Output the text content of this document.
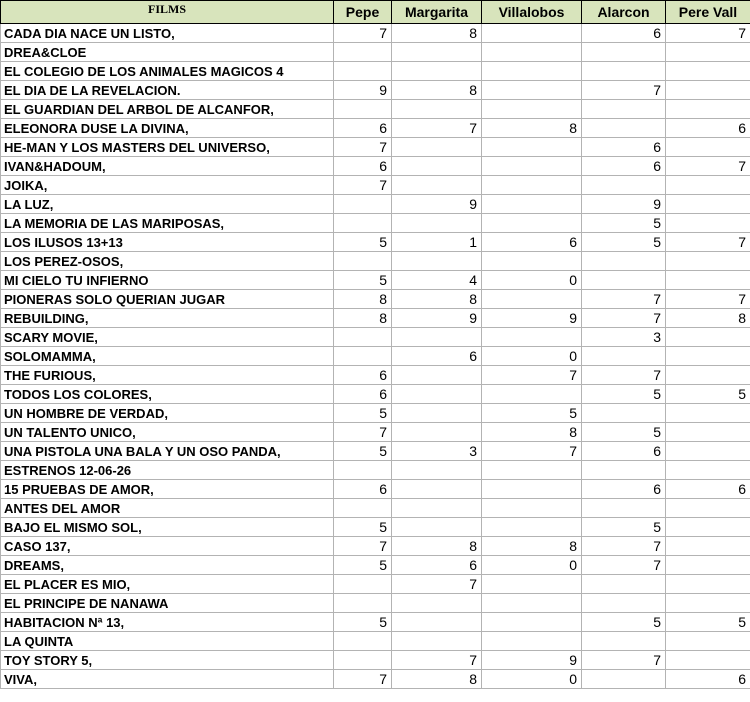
FILMS	Pepe	Margarita	Villalobos	Alarcon	Pere Vall
CADA DIA NACE UN LISTO,	7	8		6	7
DREA&CLOE					
EL COLEGIO DE LOS ANIMALES MAGICOS 4					
EL DIA DE LA REVELACION.	9	8		7	
EL GUARDIAN DEL ARBOL DE ALCANFOR,					
ELEONORA DUSE LA DIVINA,	6	7	8		6
HE-MAN Y LOS MASTERS DEL UNIVERSO,	7			6	
IVAN&HADOUM,	6			6	7
JOIKA,	7				
LA LUZ,		9		9	
LA MEMORIA DE LAS MARIPOSAS,				5	
LOS ILUSOS 13+13	5	1	6	5	7
LOS PEREZ-OSOS,					
MI CIELO TU INFIERNO	5	4	0		
PIONERAS SOLO QUERIAN JUGAR	8	8		7	7
REBUILDING,	8	9	9	7	8
SCARY MOVIE,				3	
SOLOMAMMA,		6	0		
THE FURIOUS,	6		7	7	
TODOS LOS COLORES,	6			5	5
UN HOMBRE DE VERDAD,	5		5		
UN TALENTO UNICO,	7		8	5	
UNA PISTOLA UNA BALA Y UN OSO PANDA,	5	3	7	6	
ESTRENOS 12-06-26					
15 PRUEBAS DE AMOR,	6			6	6
ANTES DEL AMOR					
BAJO EL MISMO SOL,	5			5	
CASO 137,	7	8	8	7	
DREAMS,	5	6	0	7	
EL PLACER ES MIO,		7			
EL PRINCIPE DE NANAWA					
HABITACION Nª 13,	5			5	5
LA QUINTA					
TOY STORY 5,		7	9	7	
VIVA,	7	8	0		6
